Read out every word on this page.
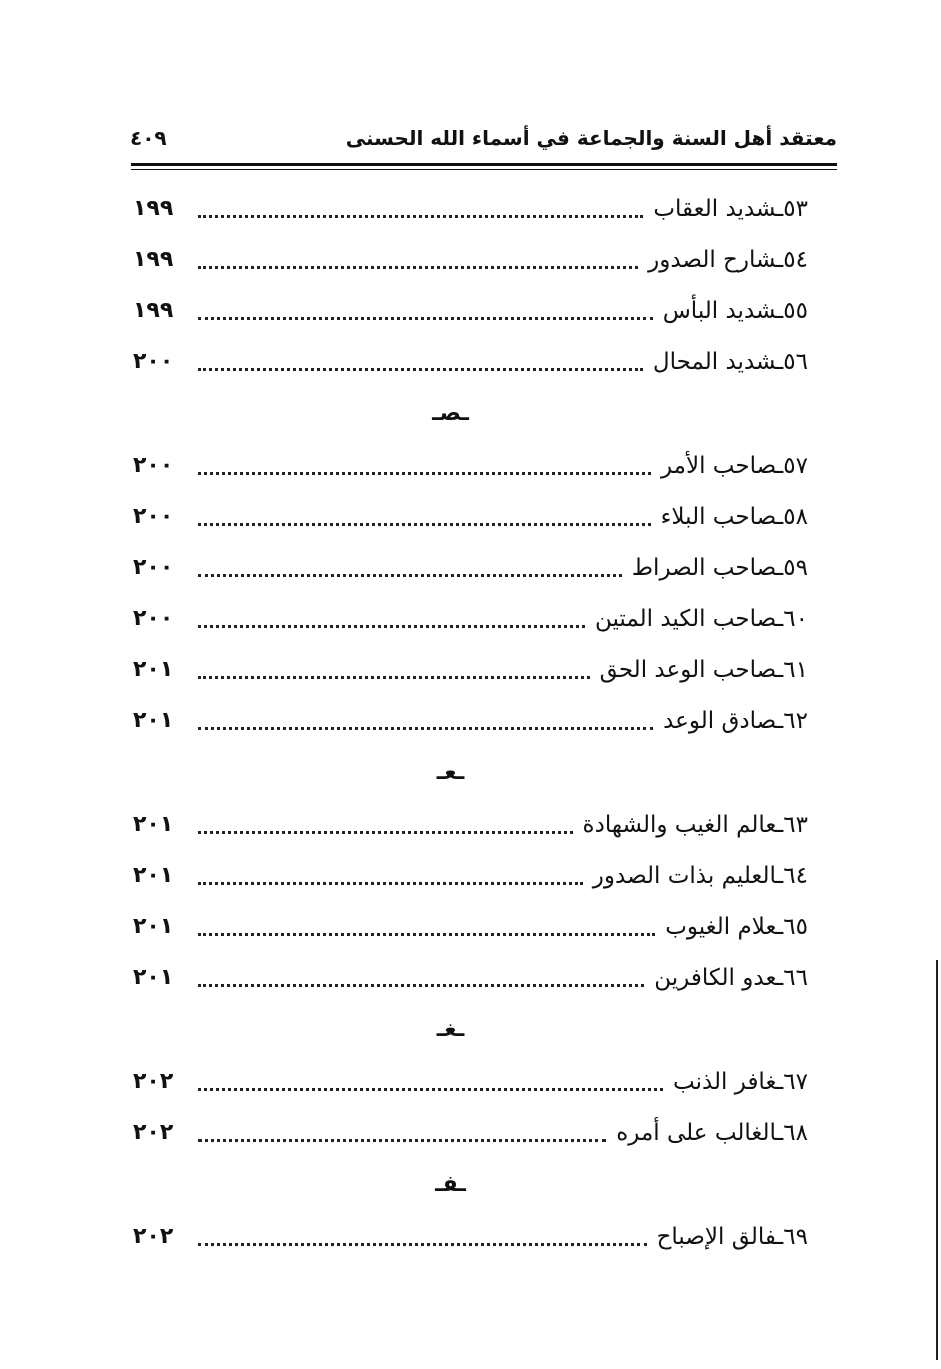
معتقد أهل السنة والجماعة في أسماء الله الحسنى
٤٠٩
٥٣ـشديد العقاب
١٩٩
٥٤ـشارح الصدور
١٩٩
٥٥ـشديد البأس
١٩٩
٥٦ـشديد المحال
٢٠٠
ـصـ
٥٧ـصاحب الأمر
٢٠٠
٥٨ـصاحب البلاء
٢٠٠
٥٩ـصاحب الصراط
٢٠٠
٦٠ـصاحب الكيد المتين
٢٠٠
٦١ـصاحب الوعد الحق
٢٠١
٦٢ـصادق الوعد
٢٠١
ـعـ
٦٣ـعالم الغيب والشهادة
٢٠١
٦٤ـالعليم بذات الصدور
٢٠١
٦٥ـعلام الغيوب
٢٠١
٦٦ـعدو الكافرين
٢٠١
ـغـ
٦٧ـغافر الذنب
٢٠٢
٦٨ـالغالب على أمره
٢٠٢
ـفـ
٦٩ـفالق الإصباح
٢٠٢
